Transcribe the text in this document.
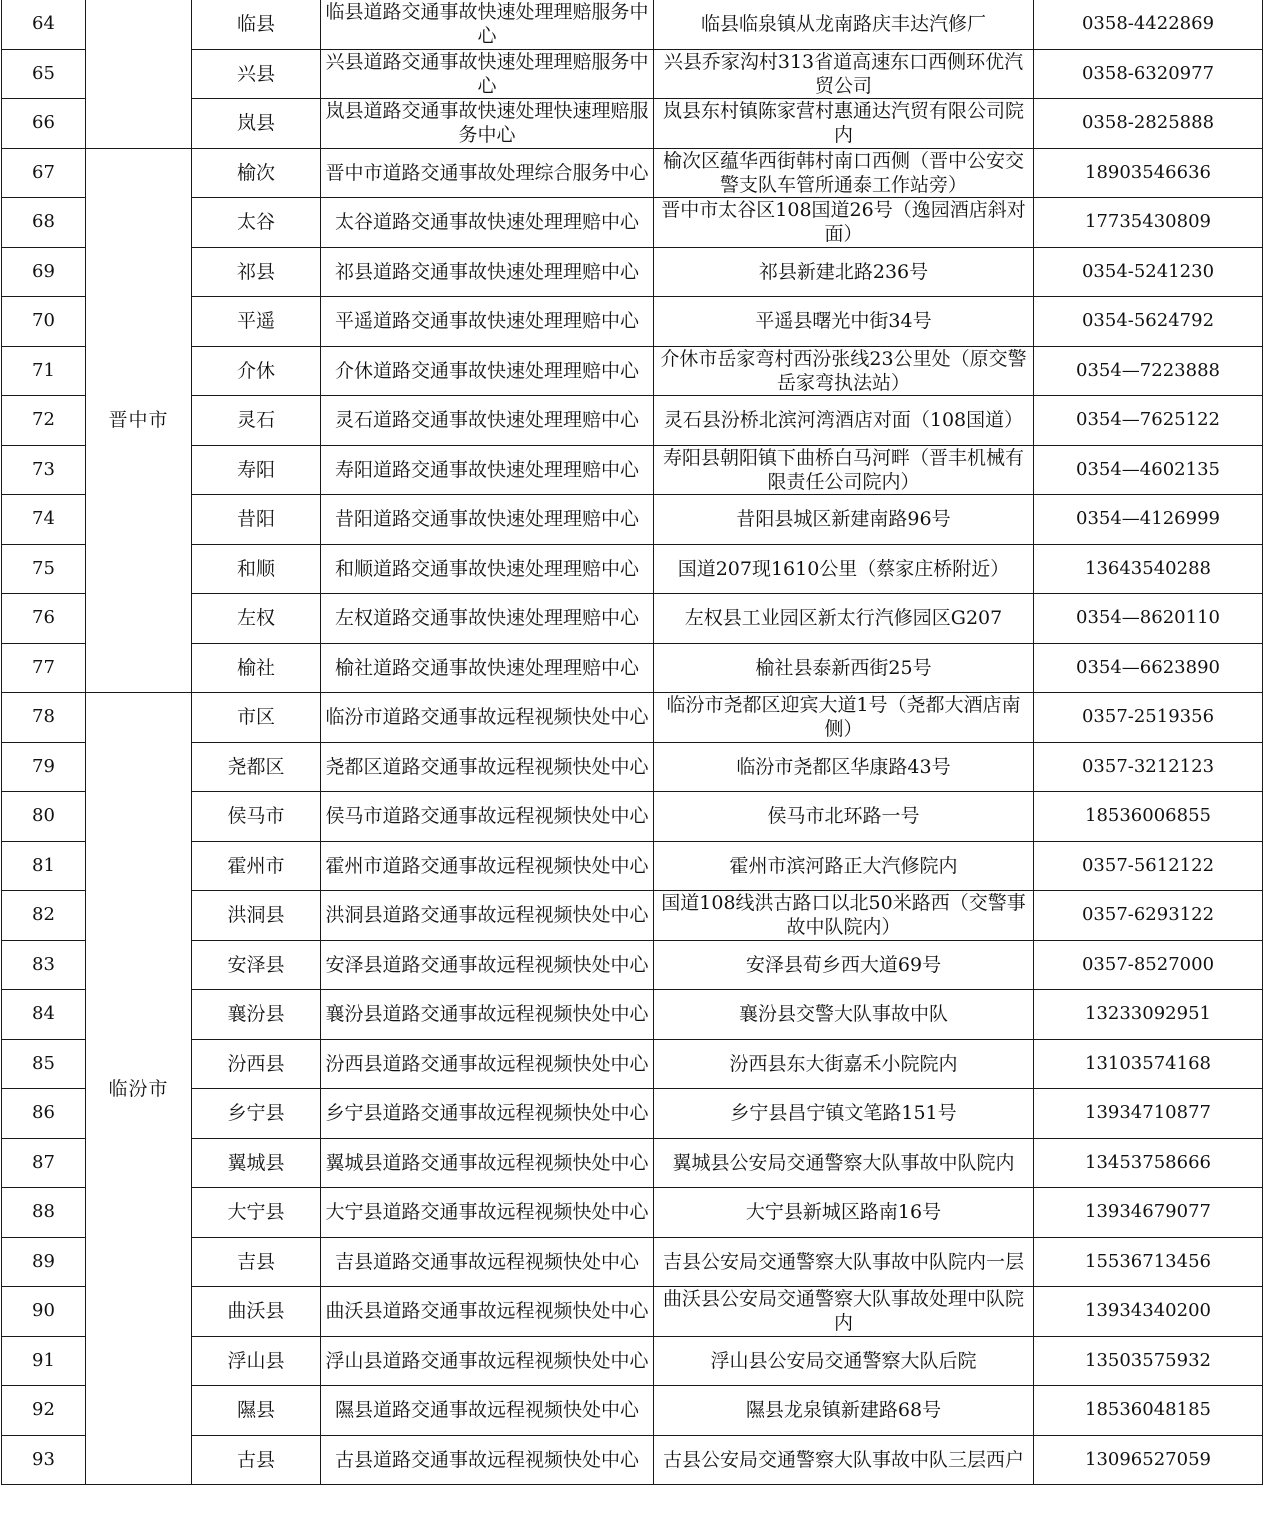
64		临县	临县道路交通事故快速处理理赔服务中心	临县临泉镇从龙南路庆丰达汽修厂	0358-4422869
65		兴县	兴县道路交通事故快速处理理赔服务中心	兴县乔家沟村313省道高速东口西侧环优汽贸公司	0358-6320977
66		岚县	岚县道路交通事故快速处理快速理赔服务中心	岚县东村镇陈家营村惠通达汽贸有限公司院内	0358-2825888
67	晋中市	榆次	晋中市道路交通事故处理综合服务中心	榆次区蕴华西街韩村南口西侧（晋中公安交警支队车管所通泰工作站旁）	18903546636
68		太谷	太谷道路交通事故快速处理理赔中心	晋中市太谷区108国道26号（逸园酒店斜对面）	17735430809
69		祁县	祁县道路交通事故快速处理理赔中心	祁县新建北路236号	0354-5241230
70		平遥	平遥道路交通事故快速处理理赔中心	平遥县曙光中街34号	0354-5624792
71		介休	介休道路交通事故快速处理理赔中心	介休市岳家弯村西汾张线23公里处（原交警岳家弯执法站）	0354—7223888
72		灵石	灵石道路交通事故快速处理理赔中心	灵石县汾桥北滨河湾酒店对面（108国道）	0354—7625122
73		寿阳	寿阳道路交通事故快速处理理赔中心	寿阳县朝阳镇下曲桥白马河畔（晋丰机械有限责任公司院内）	0354—4602135
74		昔阳	昔阳道路交通事故快速处理理赔中心	昔阳县城区新建南路96号	0354—4126999
75		和顺	和顺道路交通事故快速处理理赔中心	国道207现1610公里（蔡家庄桥附近）	13643540288
76		左权	左权道路交通事故快速处理理赔中心	左权县工业园区新太行汽修园区G207	0354—8620110
77		榆社	榆社道路交通事故快速处理理赔中心	榆社县泰新西街25号	0354—6623890
78	临汾市	市区	临汾市道路交通事故远程视频快处中心	临汾市尧都区迎宾大道1号（尧都大酒店南侧）	0357-2519356
79		尧都区	尧都区道路交通事故远程视频快处中心	临汾市尧都区华康路43号	0357-3212123
80		侯马市	侯马市道路交通事故远程视频快处中心	侯马市北环路一号	18536006855
81		霍州市	霍州市道路交通事故远程视频快处中心	霍州市滨河路正大汽修院内	0357-5612122
82		洪洞县	洪洞县道路交通事故远程视频快处中心	国道108线洪古路口以北50米路西（交警事故中队院内）	0357-6293122
83		安泽县	安泽县道路交通事故远程视频快处中心	安泽县荀乡西大道69号	0357-8527000
84		襄汾县	襄汾县道路交通事故远程视频快处中心	襄汾县交警大队事故中队	13233092951
85		汾西县	汾西县道路交通事故远程视频快处中心	汾西县东大街嘉禾小院院内	13103574168
86		乡宁县	乡宁县道路交通事故远程视频快处中心	乡宁县昌宁镇文笔路151号	13934710877
87		翼城县	翼城县道路交通事故远程视频快处中心	翼城县公安局交通警察大队事故中队院内	13453758666
88		大宁县	大宁县道路交通事故远程视频快处中心	大宁县新城区路南16号	13934679077
89		吉县	吉县道路交通事故远程视频快处中心	吉县公安局交通警察大队事故中队院内一层	15536713456
90		曲沃县	曲沃县道路交通事故远程视频快处中心	曲沃县公安局交通警察大队事故处理中队院内	13934340200
91		浮山县	浮山县道路交通事故远程视频快处中心	浮山县公安局交通警察大队后院	13503575932
92		隰县	隰县道路交通事故远程视频快处中心	隰县龙泉镇新建路68号	18536048185
93		古县	古县道路交通事故远程视频快处中心	古县公安局交通警察大队事故中队三层西户	13096527059
